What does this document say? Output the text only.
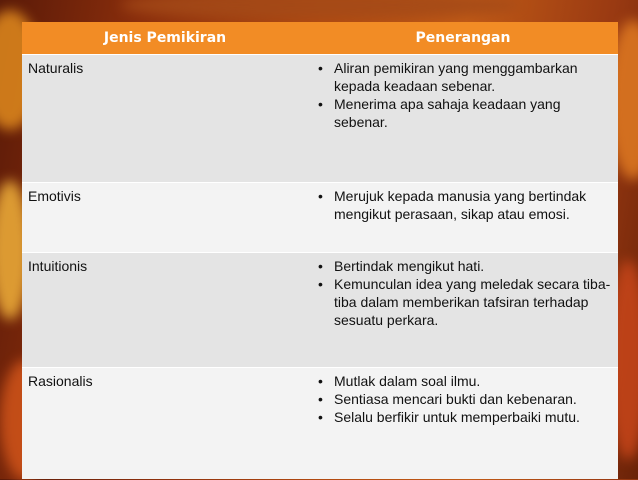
Jenis Pemikiran	Penerangan
Naturalis	• Aliran pemikiran yang menggambarkan kepada keadaan sebenar.
• Menerima apa sahaja keadaan yang sebenar.
Emotivis	• Merujuk kepada manusia yang bertindak mengikut perasaan, sikap atau emosi.
Intuitionis	• Bertindak mengikut hati.
• Kemunculan idea yang meledak secara tiba-tiba dalam memberikan tafsiran terhadap sesuatu perkara.
Rasionalis	• Mutlak dalam soal ilmu.
• Sentiasa mencari bukti dan kebenaran.
• Selalu berfikir untuk memperbaiki mutu.
